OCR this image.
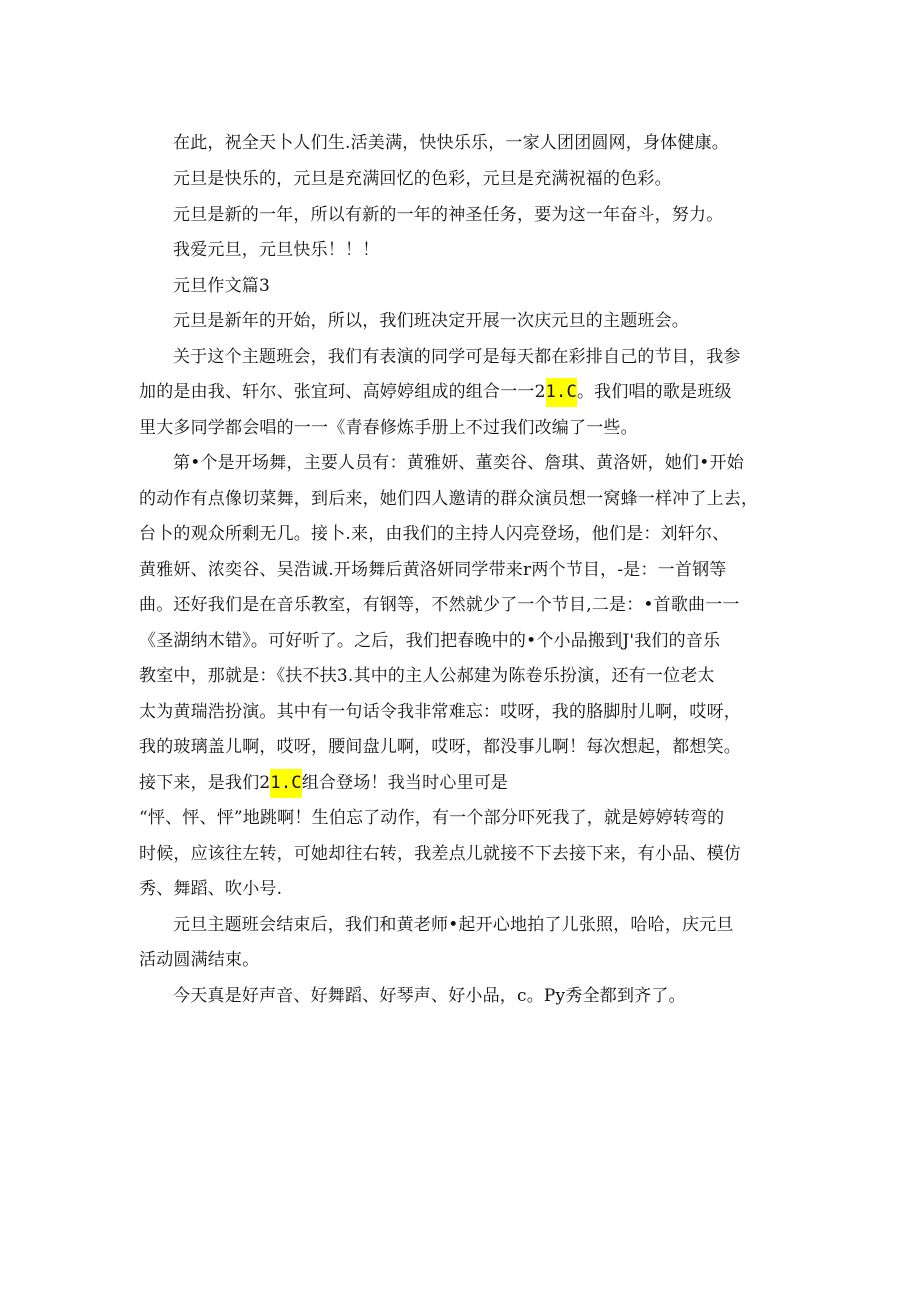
在此，祝全天卜人们生.活美满，快快乐乐，一家人团团圆网，身体健康。
元旦是快乐的，元旦是充满回忆的色彩，元旦是充满祝福的色彩。
元旦是新的一年，所以有新的一年的神圣任务，要为这一年奋斗，努力。
我爱元旦，元旦快乐！！！
元旦作文篇3
元旦是新年的开始，所以，我们班决定开展一次庆元旦的主题班会。
关于这个主题班会，我们有表演的同学可是每天都在彩排自己的节目，我参
加的是由我、轩尔、张宜珂、高婷婷组成的组合一一21.C。我们唱的歌是班级
里大多同学都会唱的一一《青春修炼手册上不过我们改编了一些。
第•个是开场舞，主要人员有：黄雅妍、董奕谷、詹琪、黄洛妍，她们•开始
的动作有点像切菜舞，到后来，她们四人邀请的群众演员想一窝蜂一样冲了上去，
台卜的观众所剩无几。接卜.来，由我们的主持人闪亮登场，他们是：刘轩尔、
黄雅妍、浓奕谷、吴浩诚.开场舞后黄洛妍同学带来r两个节目，-是：一首钢等
曲。还好我们是在音乐教室，有钢等，不然就少了一个节目,二是：•首歌曲一一
《圣湖纳木错》。可好听了。之后，我们把春晚中的•个小品搬到J'我们的音乐
教室中，那就是：《扶不扶3.其中的主人公郝建为陈卷乐扮演，还有一位老太
太为黄瑞浩扮演。其中有一句话令我非常难忘：哎呀，我的胳脚肘儿啊，哎呀，
我的玻璃盖儿啊，哎呀，腰间盘儿啊，哎呀，都没事儿啊！每次想起，都想笑。
接下来，是我们21.C组合登场！我当时心里可是
“怦、怦、怦”地跳啊！生伯忘了动作，有一个部分吓死我了，就是婷婷转弯的
时候，应该往左转，可她却往右转，我差点儿就接不下去接下来，有小品、模仿
秀、舞蹈、吹小号.
元旦主题班会结束后，我们和黄老师•起开心地拍了儿张照，哈哈，庆元旦
活动圆满结束。
今天真是好声音、好舞蹈、好琴声、好小品，c。Py秀全都到齐了。
